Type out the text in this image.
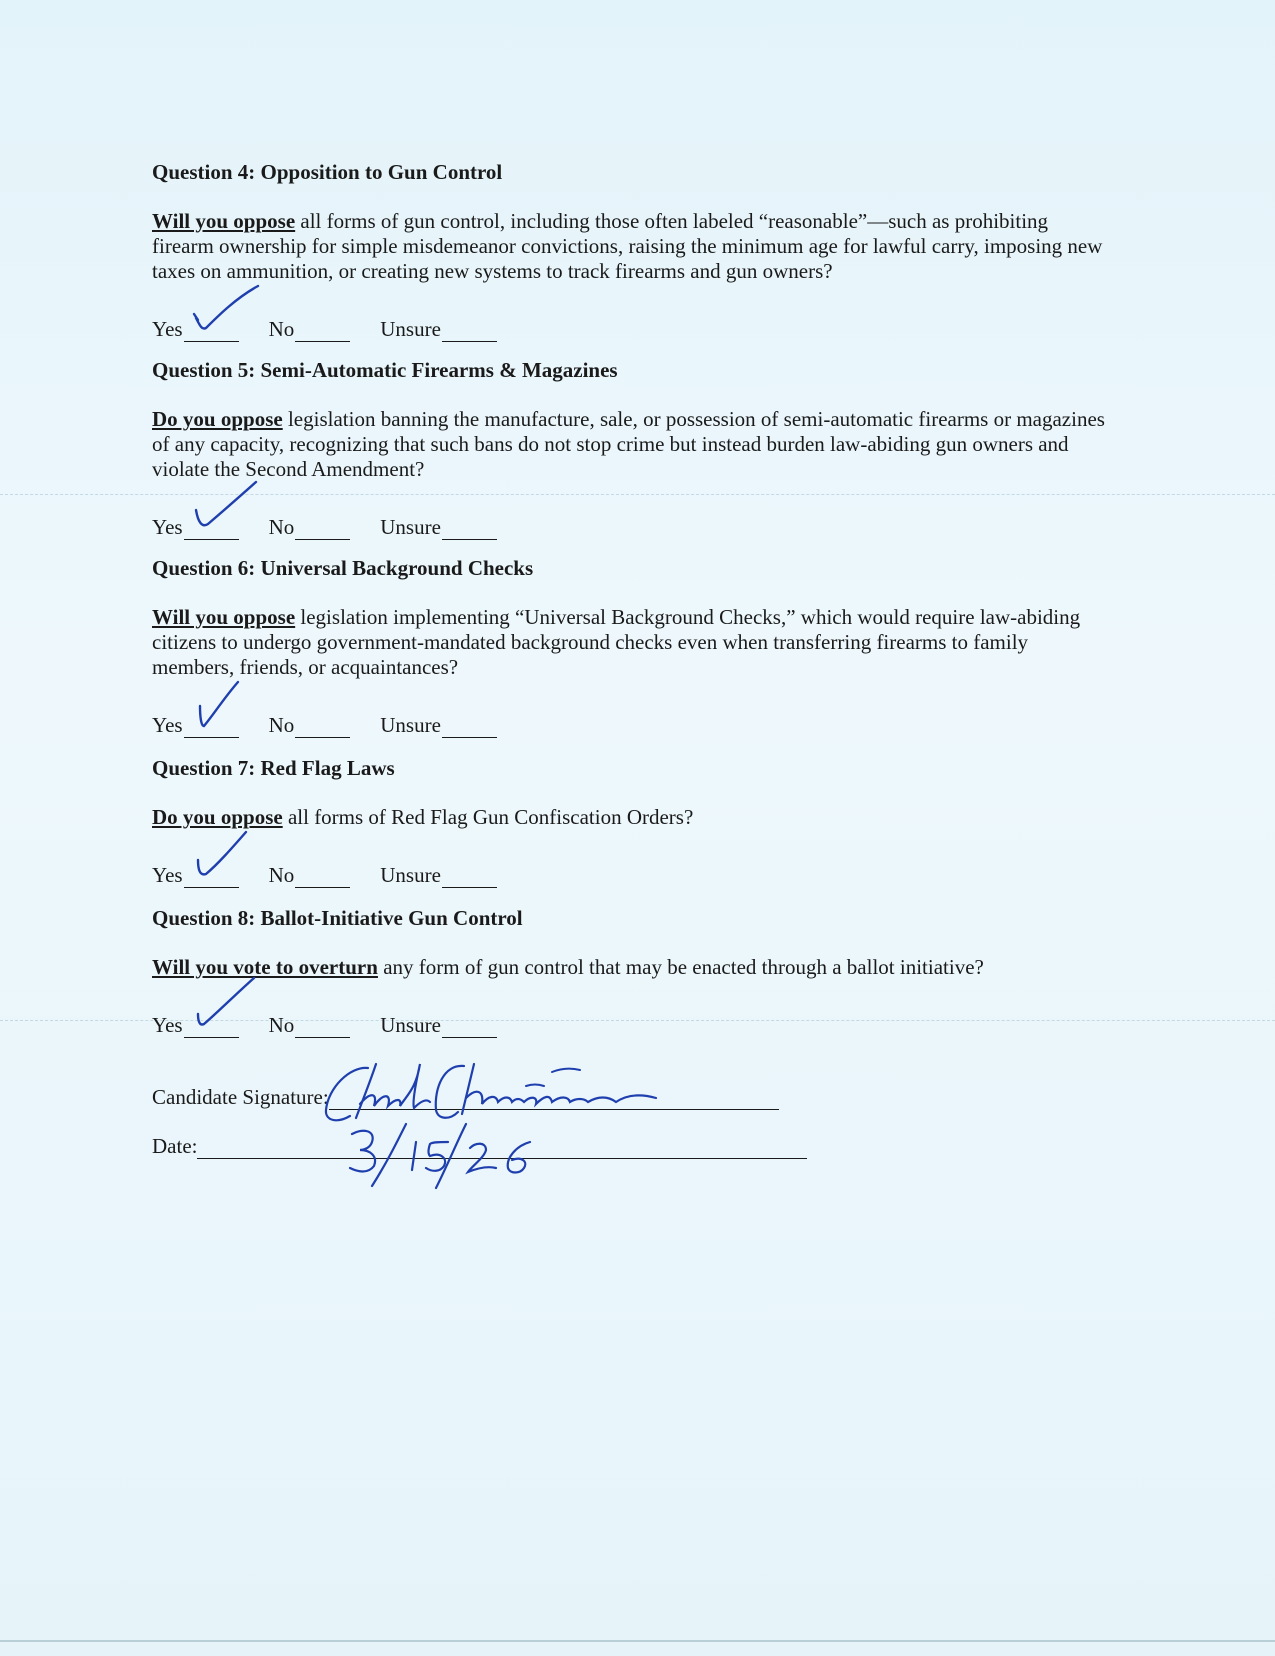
Question 4: Opposition to Gun Control
Will you oppose all forms of gun control, including those often labeled “reasonable”—such as prohibiting firearm ownership for simple misdemeanor convictions, raising the minimum age for lawful carry, imposing new taxes on ammunition, or creating new systems to track firearms and gun owners?
Yes	No	Unsure
Question 5: Semi-Automatic Firearms & Magazines
Do you oppose legislation banning the manufacture, sale, or possession of semi-automatic firearms or magazines of any capacity, recognizing that such bans do not stop crime but instead burden law-abiding gun owners and violate the Second Amendment?
Yes	No	Unsure
Question 6: Universal Background Checks
Will you oppose legislation implementing “Universal Background Checks,” which would require law-abiding citizens to undergo government-mandated background checks even when transferring firearms to family members, friends, or acquaintances?
Yes	No	Unsure
Question 7: Red Flag Laws
Do you oppose all forms of Red Flag Gun Confiscation Orders?
Yes	No	Unsure
Question 8: Ballot-Initiative Gun Control
Will you vote to overturn any form of gun control that may be enacted through a ballot initiative?
Yes	No	Unsure
Candidate Signature:
Date:
